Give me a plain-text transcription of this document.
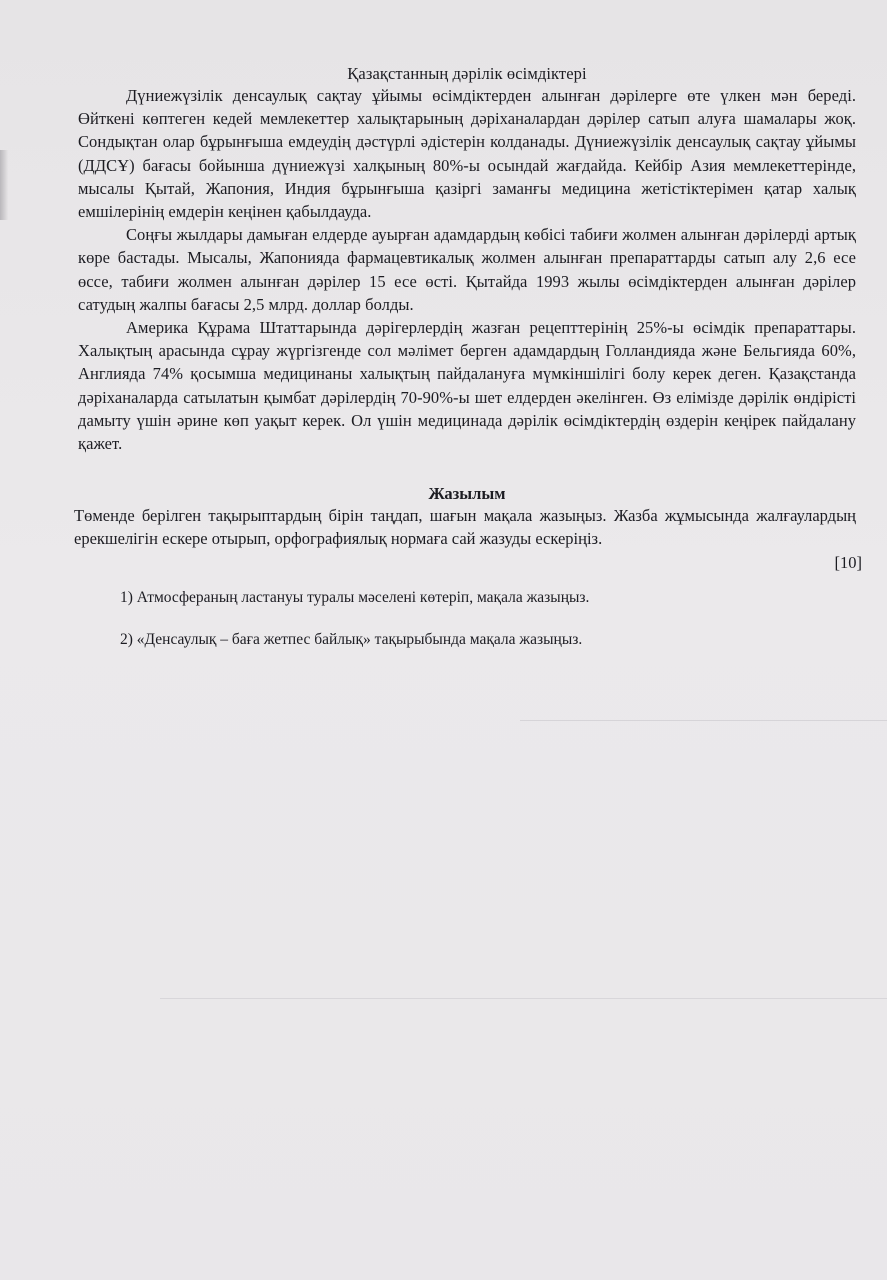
Қазақстанның дәрілік өсімдіктері

Дүниежүзілік денсаулық сақтау ұйымы өсімдіктерден алынған дәрілерге өте үлкен мән береді. Өйткені көптеген кедей мемлекеттер халықтарының дәріханалардан дәрілер сатып алуға шамалары жоқ. Сондықтан олар бұрынғыша емдеудің дәстүрлі әдістерін колданады. Дүниежүзілік денсаулық сақтау ұйымы (ДДСҰ) бағасы бойынша дүниежүзі халқының 80%-ы осындай жағдайда. Кейбір Азия мемлекеттерінде, мысалы Қытай, Жапония, Индия бұрынғыша қазіргі заманғы медицина жетістіктерімен қатар халық емшілерінің емдерін кеңінен қабылдауда.

Соңғы жылдары дамыған елдерде ауырған адамдардың көбісі табиғи жолмен алынған дәрілерді артық көре бастады. Мысалы, Жапонияда фармацевтикалық жолмен алынған препараттарды сатып алу 2,6 есе өссе, табиғи жолмен алынған дәрілер 15 есе өсті. Қытайда 1993 жылы өсімдіктерден алынған дәрілер сатудың жалпы бағасы 2,5 млрд. доллар болды.

Америка Құрама Штаттарында дәрігерлердің жазған рецепттерінің 25%-ы өсімдік препараттары. Халықтың арасында сұрау жүргізгенде сол мәлімет берген адамдардың Голландияда және Бельгияда 60%, Англияда 74% қосымша медицинаны халықтың пайдалануға мүмкіншілігі болу керек деген. Қазақстанда дәріханаларда сатылатын қымбат дәрілердің 70-90%-ы шет елдерден әкелінген. Өз елімізде дәрілік өндірісті дамыту үшін әрине көп уақыт керек. Ол үшін медицинада дәрілік өсімдіктердің өздерін кеңірек пайдалану қажет.

Жазылым

Төменде берілген тақырыптардың бірін таңдап, шағын мақала жазыңыз. Жазба жұмысында жалғаулардың ерекшелігін ескере отырып, орфографиялық нормаға сай жазуды ескеріңіз.

[10]

1) Атмосфераның ластануы туралы мәселені көтеріп, мақала жазыңыз.

2) «Денсаулық – баға жетпес байлық» тақырыбында мақала жазыңыз.
